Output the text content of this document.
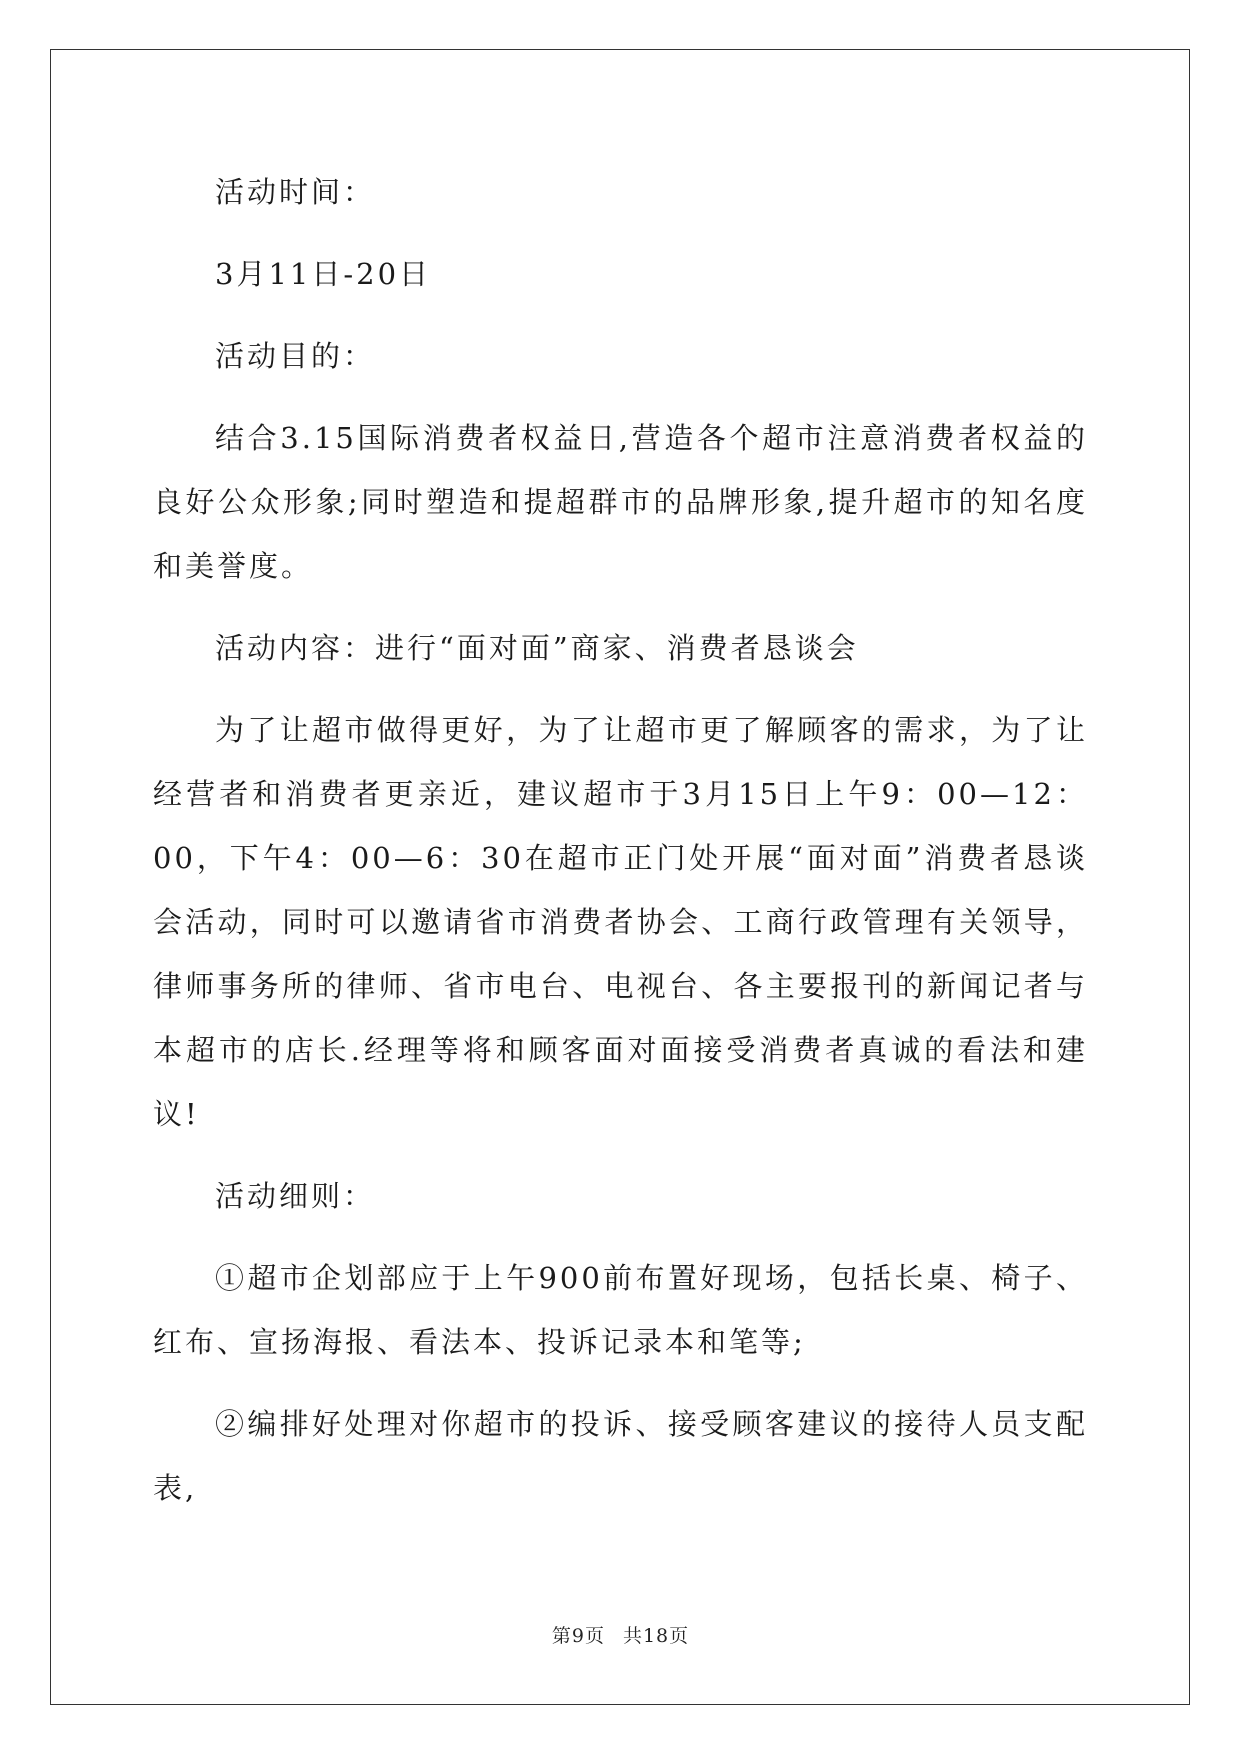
活动时间：

3月11日-20日

活动目的：

结合3.15国际消费者权益日,营造各个超市注意消费者权益的良好公众形象;同时塑造和提超群市的品牌形象,提升超市的知名度和美誉度。

活动内容：进行“面对面”商家、消费者恳谈会

为了让超市做得更好，为了让超市更了解顾客的需求，为了让经营者和消费者更亲近，建议超市于3月15日上午9：00—12：00，下午4：00—6：30在超市正门处开展“面对面”消费者恳谈会活动，同时可以邀请省市消费者协会、工商行政管理有关领导，律师事务所的律师、省市电台、电视台、各主要报刊的新闻记者与本超市的店长.经理等将和顾客面对面接受消费者真诚的看法和建议!

活动细则：

①超市企划部应于上午900前布置好现场，包括长桌、椅子、红布、宣扬海报、看法本、投诉记录本和笔等;

②编排好处理对你超市的投诉、接受顾客建议的接待人员支配表,

第9页 共18页
